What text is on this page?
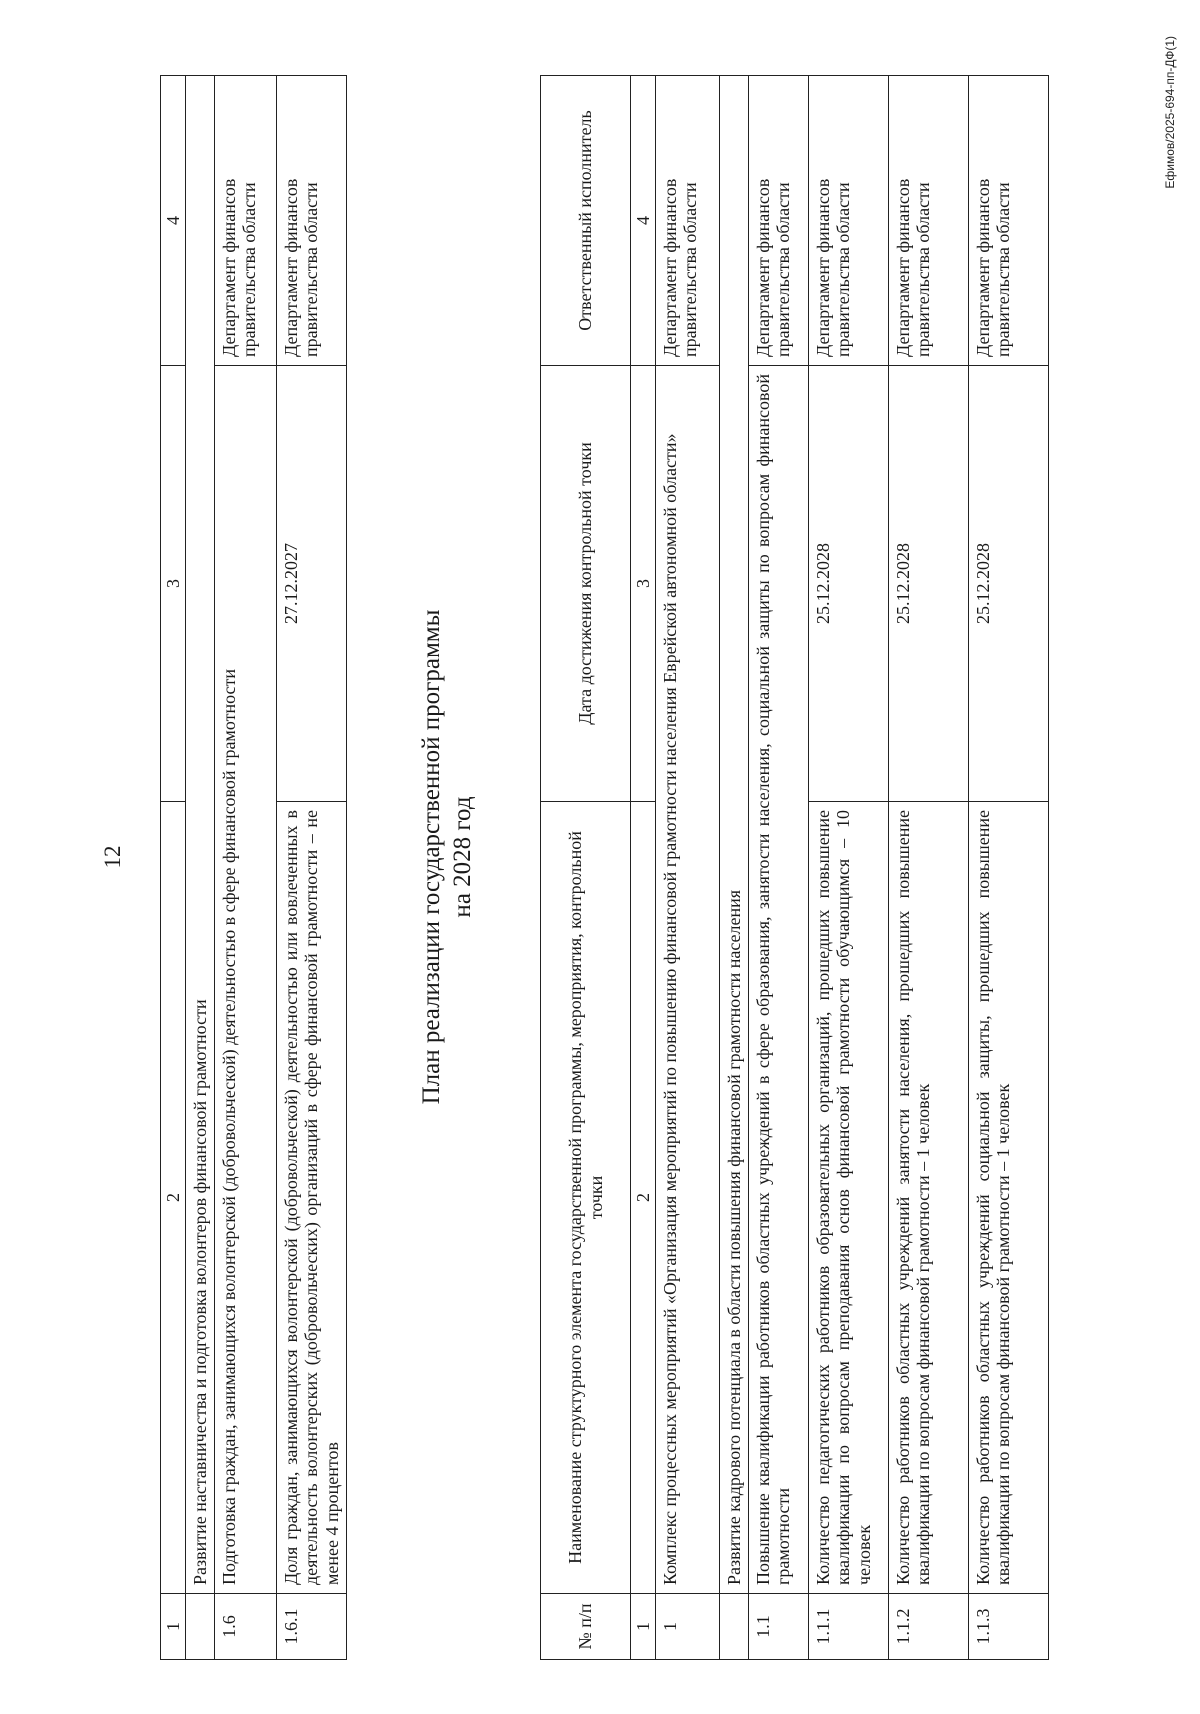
12
1	2	3	4
	Развитие наставничества и подготовка волонтеров финансовой грамотности		
1.6	Подготовка граждан, занимающихся волонтерской (добровольческой) деятельностью в сфере финансовой грамотности		Департамент финансов правительства области
1.6.1	Доля граждан, занимающихся волонтерской (добровольческой) деятельностью или вовлеченных в деятельность волонтерских (добровольческих) организаций в сфере финансовой грамотности – не менее 4 процентов	27.12.2027	Департамент финансов правительства области
План реализации государственной программы на 2028 год
№ п/п	Наименование структурного элемента государственной программы, мероприятия, контрольной точки	Дата достижения контрольной точки	Ответственный исполнитель
1	2	3	4
1	Комплекс процессных мероприятий «Организация мероприятий по повышению финансовой грамотности населения Еврейской автономной области»		Департамент финансов правительства области
	Развитие кадрового потенциала в области повышения финансовой грамотности населения		
1.1	Повышение квалификации работников областных учреждений в сфере образования, занятости населения, социальной защиты по вопросам финансовой грамотности		Департамент финансов правительства области
1.1.1	Количество педагогических работников образовательных организаций, прошедших повышение квалификации по вопросам преподавания основ финансовой грамотности обучающимся – 10 человек	25.12.2028	Департамент финансов правительства области
1.1.2	Количество работников областных учреждений занятости населения, прошедших повышение квалификации по вопросам финансовой грамотности – 1 человек	25.12.2028	Департамент финансов правительства области
1.1.3	Количество работников областных учреждений социальной защиты, прошедших повышение квалификации по вопросам финансовой грамотности – 1 человек	25.12.2028	Департамент финансов правительства области
Ефимов/2025-694-пп-ДФ(1)
